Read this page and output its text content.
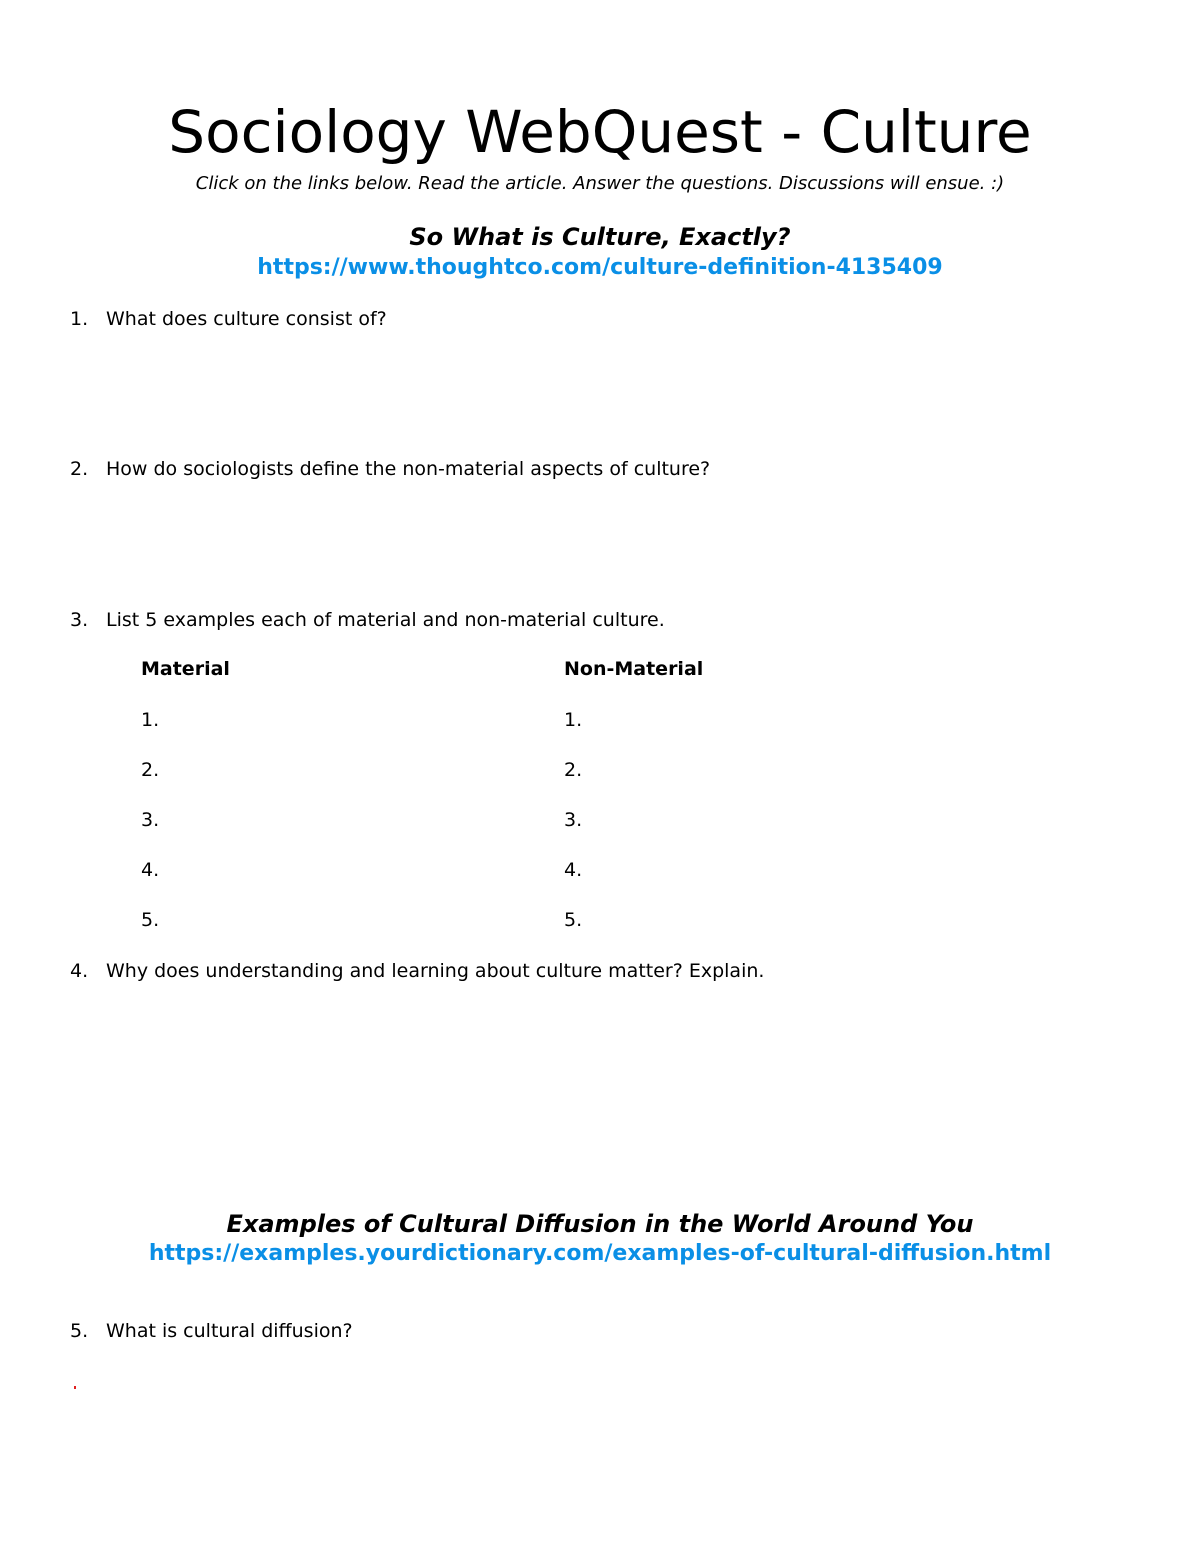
Sociology WebQuest - Culture
Click on the links below. Read the article. Answer the questions. Discussions will ensue. :)
So What is Culture, Exactly?
https://www.thoughtco.com/culture-definition-4135409
1. What does culture consist of?
2. How do sociologists define the non-material aspects of culture?
3. List 5 examples each of material and non-material culture.
Material	Non-Material
1.
2.
3.
4.
5.
1.
2.
3.
4.
5.
4. Why does understanding and learning about culture matter? Explain.
Examples of Cultural Diffusion in the World Around You
https://examples.yourdictionary.com/examples-of-cultural-diffusion.html
5. What is cultural diffusion?
